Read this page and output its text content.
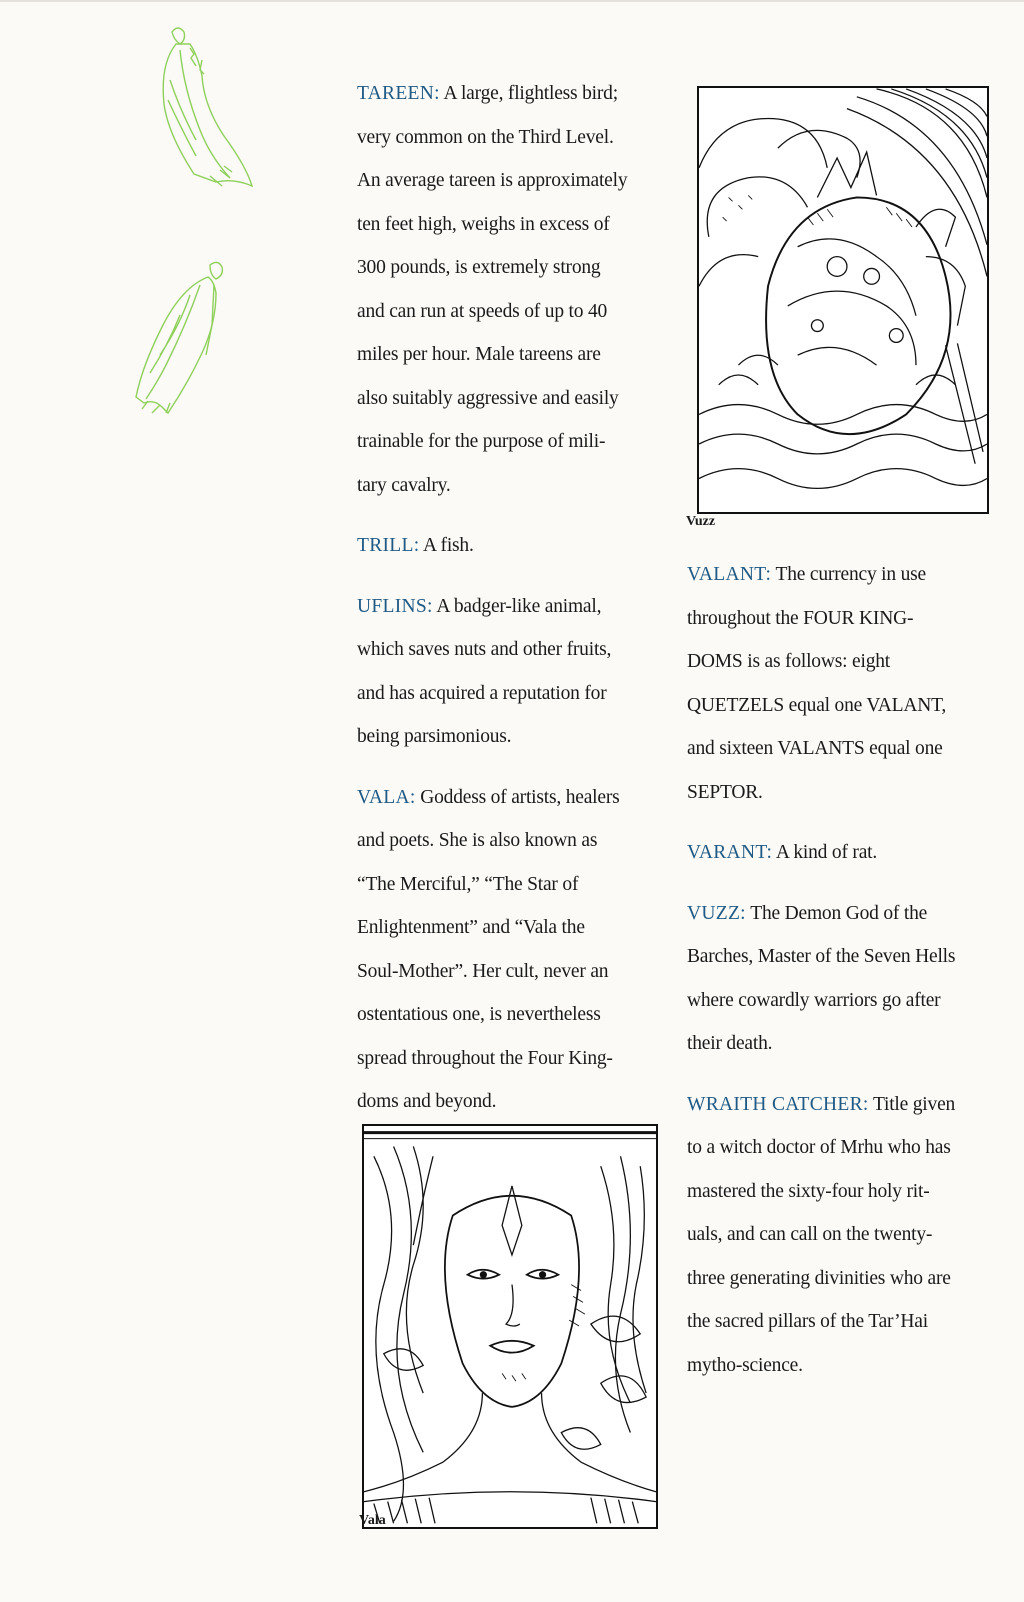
TAREEN: A large, flightless bird;
very common on the Third Level.
An average tareen is approximately
ten feet high, weighs in excess of
300 pounds, is extremely strong
and can run at speeds of up to 40
miles per hour. Male tareens are
also suitably aggressive and easily
trainable for the purpose of mili-
tary cavalry.

TRILL: A fish.

UFLINS: A badger-like animal,
which saves nuts and other fruits,
and has acquired a reputation for
being parsimonious.

VALA: Goddess of artists, healers
and poets. She is also known as
“The Merciful,” “The Star of
Enlightenment” and “Vala the
Soul-Mother”. Her cult, never an
ostentatious one, is nevertheless
spread throughout the Four King-
doms and beyond.

VALANT: The currency in use
throughout the FOUR KING-
DOMS is as follows: eight
QUETZELS equal one VALANT,
and sixteen VALANTS equal one
SEPTOR.

VARANT: A kind of rat.

VUZZ: The Demon God of the
Barches, Master of the Seven Hells
where cowardly warriors go after
their death.

WRAITH CATCHER: Title given
to a witch doctor of Mrhu who has
mastered the sixty-four holy rit-
uals, and can call on the twenty-
three generating divinities who are
the sacred pillars of the Tar’Hai
mytho-science.

Vuzz
Vala
